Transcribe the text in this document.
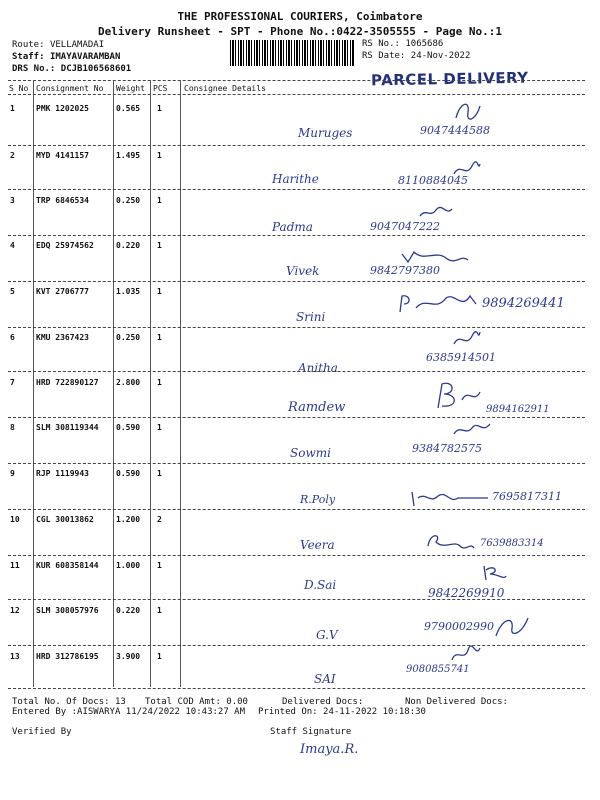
THE PROFESSIONAL COURIERS, Coimbatore
Delivery Runsheet - SPT - Phone No.:0422-3505555 - Page No.:1
Route: VELLAMADAI
Staff: IMAYAVARAMBAN
DRS No.: DCJB106568601
RS No.: 1065686
RS Date: 24-Nov-2022
PARCEL DELIVERY
S No Consignment No Weight PCS Consignee Details
1	PMK 1202025	0.565 1
Muruges	9047444588
2	MYD 4141157	1.495 1
Harithe	8110884045
3	TRP 6846534	0.250 1
Padma	9047047222
4	EDQ 25974562	0.220 1
Vivek	9842797380
5	KVT 2706777	1.035 1
Srini
9894269441
6	KMU 2367423	0.250 1
Anitha
6385914501
7	HRD 722890127 2.800 1
Ramdew	9894162911
8	SLM 308119344 0.590 1
Sowmi	9384782575
9	RJP 1119943	0.590 1
R.Poly	7695817311
10 CGL 30013862	1.200 2
Veera	7639883314
11 KUR 608358144 1.000 1
D.Sai
9842269910
12 SLM 308057976 0.220 1
G.V
9790002990
13 HRD 312786195 3.900 1
SAI
9080855741
Total No. Of Docs: 13 Total COD Amt: 0.00	Delivered Docs:	Non Delivered Docs:
Entered By :AISWARYA 11/24/2022 10:43:27 AM Printed On: 24-11-2022 10:18:30
Verified By	Staff Signature
Imaya.R.
